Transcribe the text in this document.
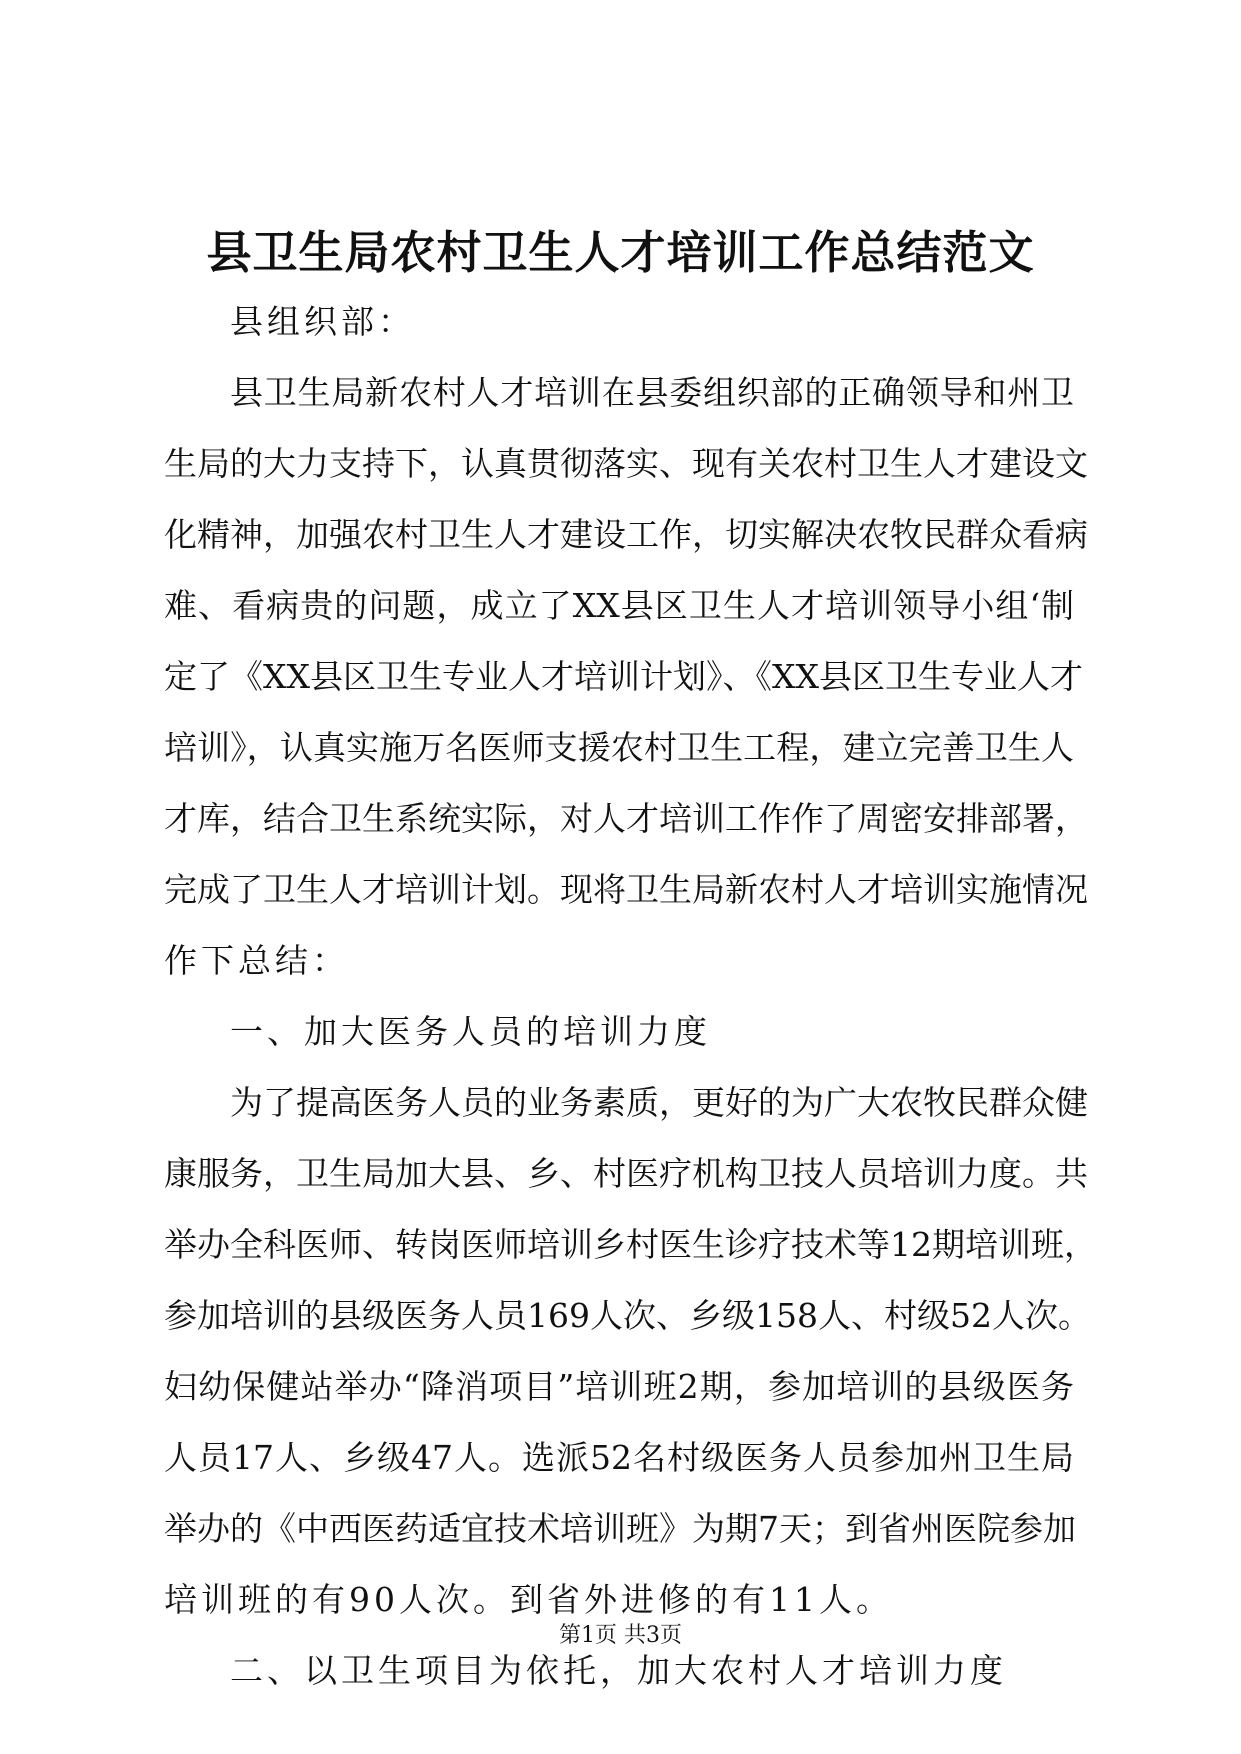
县卫生局农村卫生人才培训工作总结范文
县组织部：
县卫生局新农村人才培训在县委组织部的正确领导和州卫
生局的大力支持下，认真贯彻落实、现有关农村卫生人才建设文
化精神，加强农村卫生人才建设工作，切实解决农牧民群众看病
难、看病贵的问题，成立了XX县区卫生人才培训领导小组‘制
定了《XX县区卫生专业人才培训计划》、《XX县区卫生专业人才
培训》，认真实施万名医师支援农村卫生工程，建立完善卫生人
才库，结合卫生系统实际，对人才培训工作作了周密安排部署，
完成了卫生人才培训计划。现将卫生局新农村人才培训实施情况
作下总结：
一、加大医务人员的培训力度
为了提高医务人员的业务素质，更好的为广大农牧民群众健
康服务，卫生局加大县、乡、村医疗机构卫技人员培训力度。共
举办全科医师、转岗医师培训乡村医生诊疗技术等12期培训班，
参加培训的县级医务人员169人次、乡级158人、村级52人次。
妇幼保健站举办“降消项目”培训班2期，参加培训的县级医务
人员17人、乡级47人。选派52名村级医务人员参加州卫生局
举办的《中西医药适宜技术培训班》为期7天；到省州医院参加
培训班的有90人次。到省外进修的有11人。
二、以卫生项目为依托，加大农村人才培训力度
第1页 共3页
